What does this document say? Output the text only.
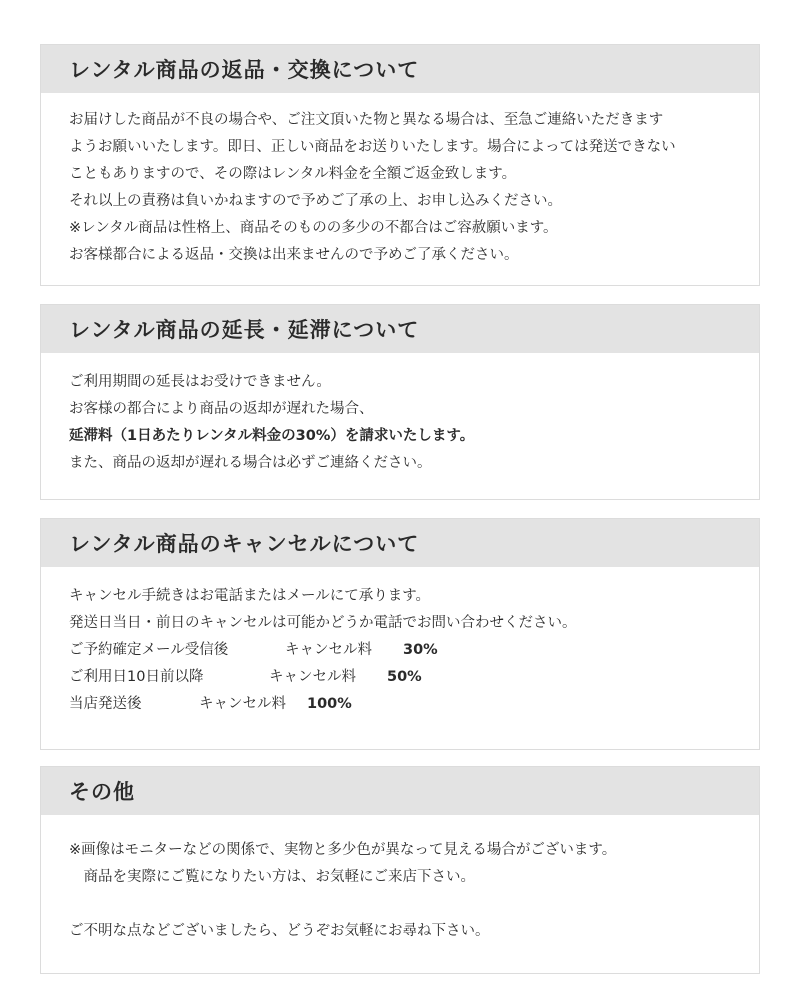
レンタル商品の返品・交換について
お届けした商品が不良の場合や、ご注文頂いた物と異なる場合は、至急ご連絡いただきます
ようお願いいたします。即日、正しい商品をお送りいたします。場合によっては発送できない
こともありますので、その際はレンタル料金を全額ご返金致します。
それ以上の責務は負いかねますので予めご了承の上、お申し込みください。
※レンタル商品は性格上、商品そのものの多少の不都合はご容赦願います。
お客様都合による返品・交換は出来ませんので予めご了承ください。
レンタル商品の延長・延滞について
ご利用期間の延長はお受けできません。
お客様の都合により商品の返却が遅れた場合、
延滞料（1日あたりレンタル料金の30%）を請求いたします。
また、商品の返却が遅れる場合は必ずご連絡ください。
レンタル商品のキャンセルについて
キャンセル手続きはお電話またはメールにて承ります。
発送日当日・前日のキャンセルは可能かどうか電話でお問い合わせください。
ご予約確定メール受信後	キャンセル料	30%
ご利用日10日前以降	キャンセル料	50%
当店発送後	キャンセル料	100%
その他
※画像はモニターなどの関係で、実物と多少色が異なって見える場合がございます。
　商品を実際にご覧になりたい方は、お気軽にご来店下さい。
ご不明な点などございましたら、どうぞお気軽にお尋ね下さい。
